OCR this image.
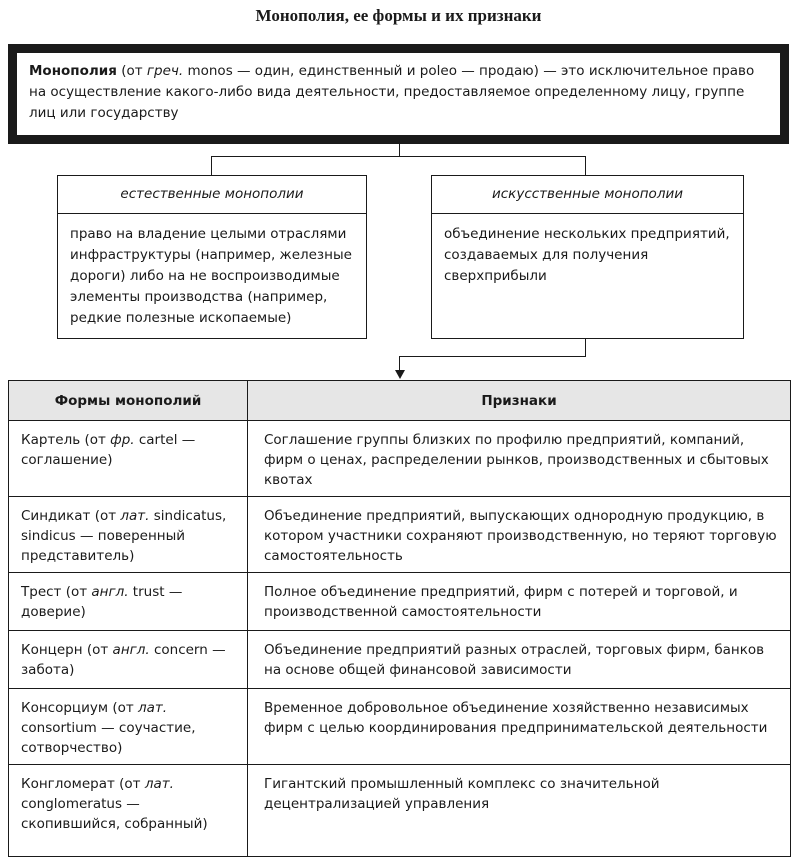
Монополия, ее формы и их признаки
Монополия (от греч. monos — один, единственный и poleo — продаю) — это исключительное право на осуществление какого-либо вида деятельности, предоставляемое определенному лицу, группе лиц или государству
естественные монополии
право на владение целыми отраслями инфраструктуры (например, железные дороги) либо на не воспроизводимые элементы производства (например, редкие полезные ископаемые)
искусственные монополии
объединение нескольких предприятий, создаваемых для получения сверхприбыли
Формы монополий	Признаки
Картель (от фр. cartel — соглашение)	Соглашение группы близких по профилю предприятий, компаний, фирм о ценах, распределении рынков, производственных и сбытовых квотах
Синдикат (от лат. sindicatus, sindicus — поверенный представитель)	Объединение предприятий, выпускающих однородную продукцию, в котором участники сохраняют производственную, но теряют торговую самостоятельность
Трест (от англ. trust — доверие)	Полное объединение предприятий, фирм с потерей и торговой, и производственной самостоятельности
Концерн (от англ. concern — забота)	Объединение предприятий разных отраслей, торговых фирм, банков на основе общей финансовой зависимости
Консорциум (от лат. consortium — соучастие, сотворчество)	Временное добровольное объединение хозяйственно независимых фирм с целью координирования предпринимательской деятельности
Конгломерат (от лат. conglomeratus — скопившийся, собранный)	Гигантский промышленный комплекс со значительной децентрализацией управления
